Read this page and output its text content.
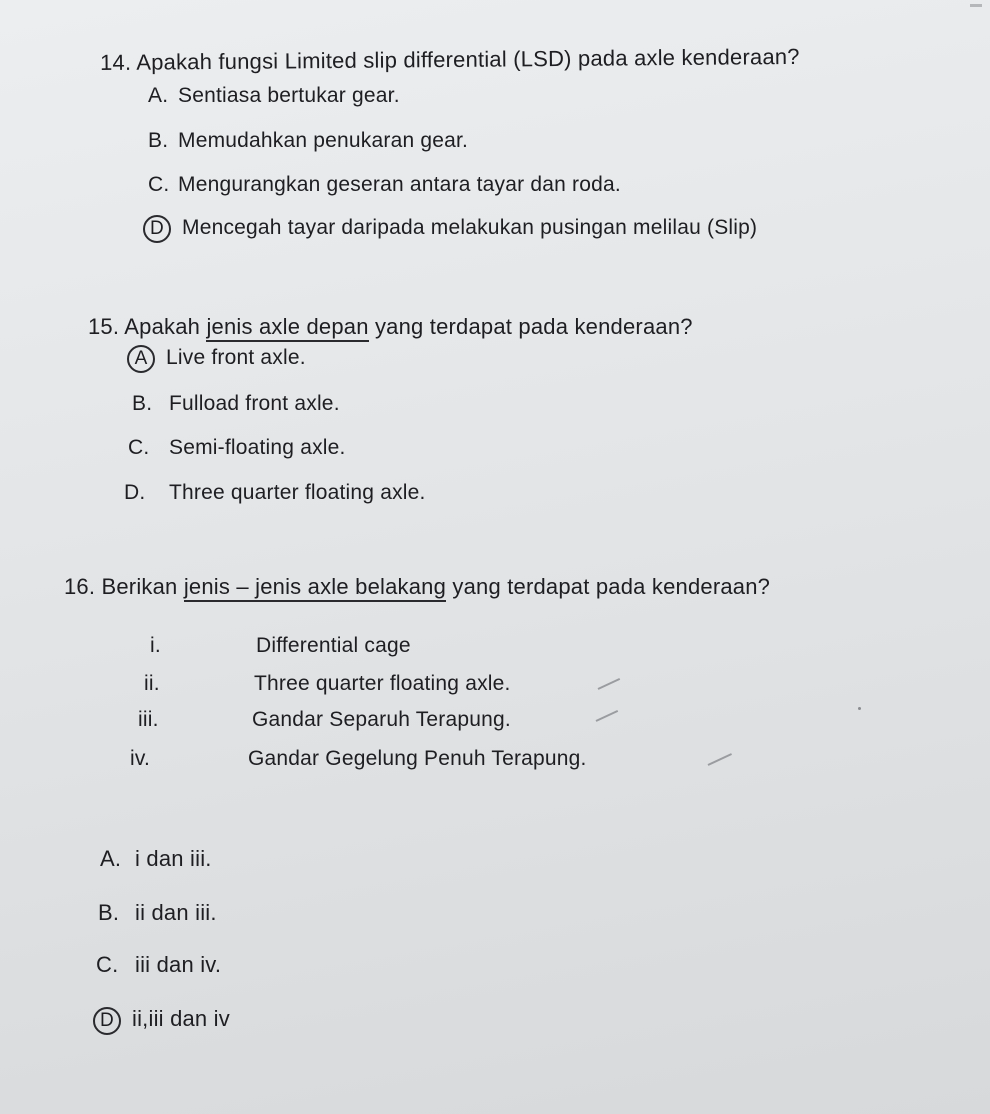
14. Apakah fungsi Limited slip differential (LSD) pada axle kenderaan?
A. Sentiasa bertukar gear.
B. Memudahkan penukaran gear.
C. Mengurangkan geseran antara tayar dan roda.
D Mencegah tayar daripada melakukan pusingan melilau (Slip)
15. Apakah jenis axle depan yang terdapat pada kenderaan?
A Live front axle.
B. Fulload front axle.
C. Semi-floating axle.
D. Three quarter floating axle.
16. Berikan jenis – jenis axle belakang yang terdapat pada kenderaan?
i.	Differential cage
ii.	Three quarter floating axle.
iii.	Gandar Separuh Terapung.
iv.	Gandar Gegelung Penuh Terapung.
A. i dan iii.
B. ii dan iii.
C. iii dan iv.
D ii,iii dan iv
